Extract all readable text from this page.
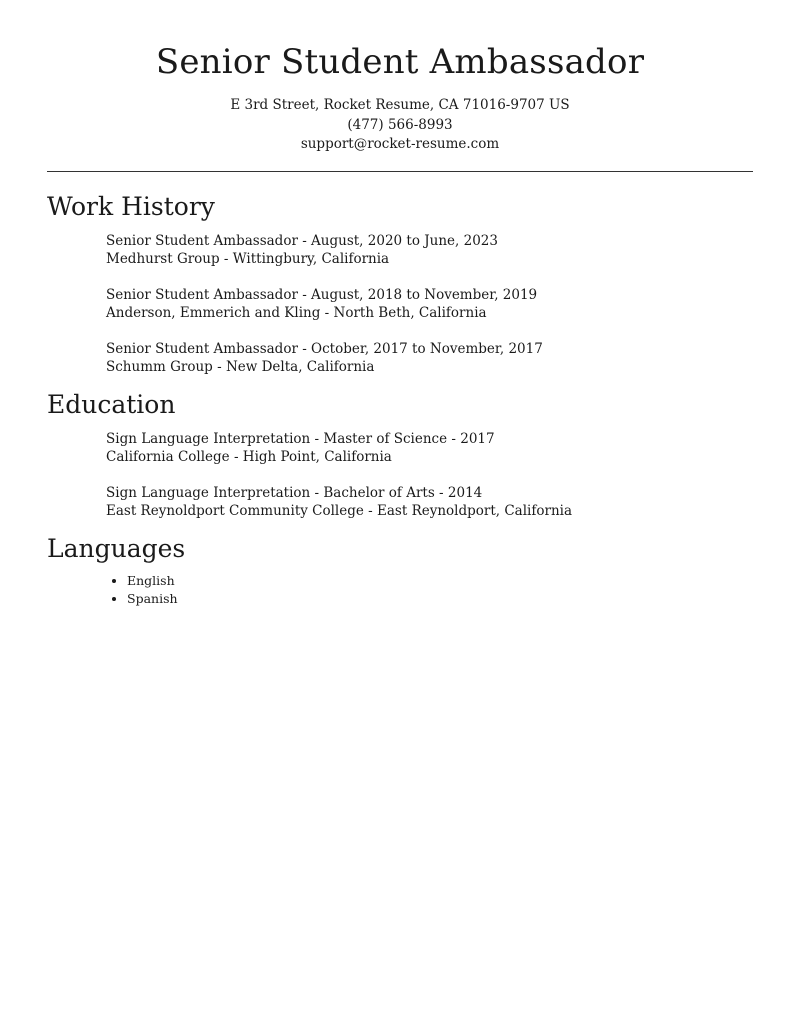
Senior Student Ambassador
E 3rd Street, Rocket Resume, CA 71016-9707 US
(477) 566-8993
support@rocket-resume.com
Work History
Senior Student Ambassador - August, 2020 to June, 2023
Medhurst Group - Wittingbury, California
Senior Student Ambassador - August, 2018 to November, 2019
Anderson, Emmerich and Kling - North Beth, California
Senior Student Ambassador - October, 2017 to November, 2017
Schumm Group - New Delta, California
Education
Sign Language Interpretation - Master of Science - 2017
California College - High Point, California
Sign Language Interpretation - Bachelor of Arts - 2014
East Reynoldport Community College - East Reynoldport, California
Languages
• English
• Spanish
